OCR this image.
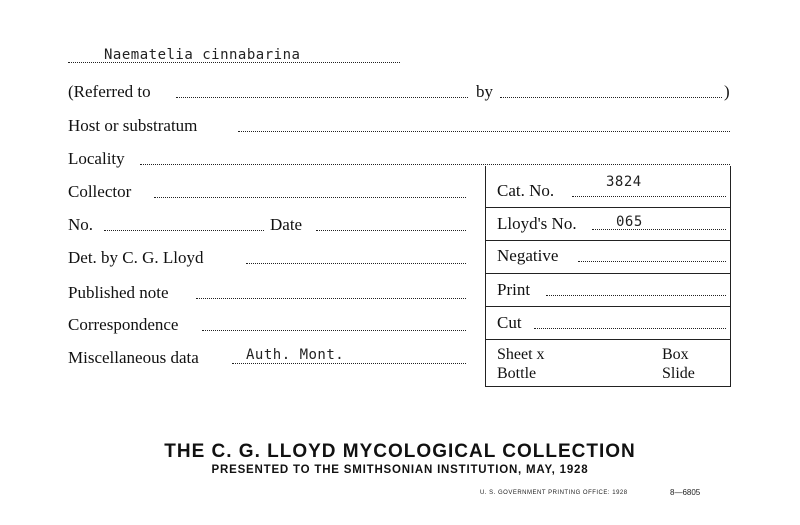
Naematelia cinnabarina
(Referred to	by	)
Host or substratum
Locality
Collector
No.	Date
Det. by C. G. Lloyd
Published note
Correspondence
Miscellaneous data	Auth. Mont.
Cat. No.	3824
Lloyd's No.	065
Negative
Print
Cut
Sheet x	Box
Bottle	Slide
THE C. G. LLOYD MYCOLOGICAL COLLECTION
PRESENTED TO THE SMITHSONIAN INSTITUTION, MAY, 1928
U. S. GOVERNMENT PRINTING OFFICE: 1928	8—6805
